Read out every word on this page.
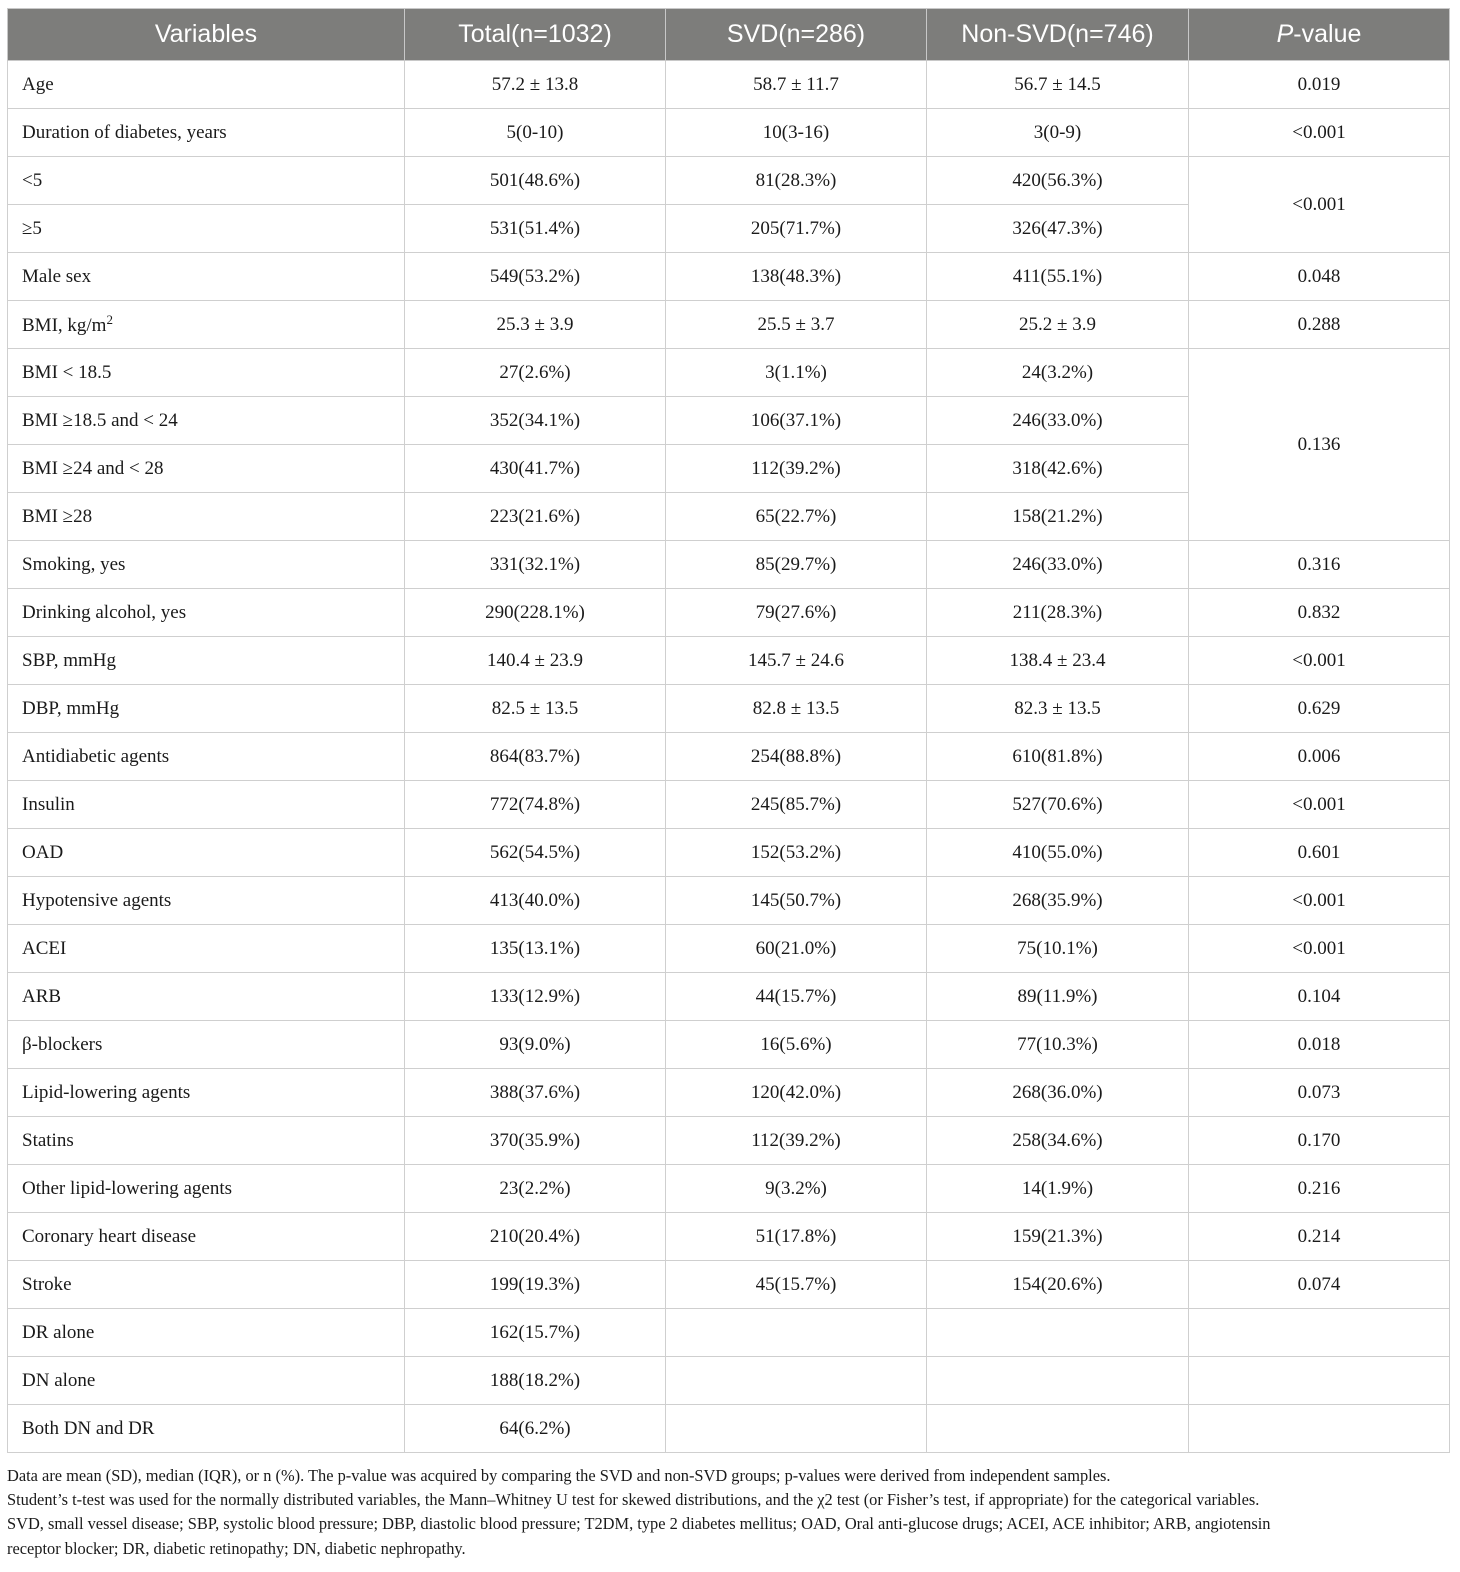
Variables	Total(n=1032)	SVD(n=286)	Non-SVD(n=746)	P-value
Age	57.2 ± 13.8	58.7 ± 11.7	56.7 ± 14.5	0.019
Duration of diabetes, years	5(0-10)	10(3-16)	3(0-9)	<0.001
<5	501(48.6%)	81(28.3%)	420(56.3%)	<0.001
≥5	531(51.4%)	205(71.7%)	326(47.3%)	
Male sex	549(53.2%)	138(48.3%)	411(55.1%)	0.048
BMI, $kg/m^2$	25.3 ± 3.9	25.5 ± 3.7	25.2 ± 3.9	0.288
BMI < 18.5	27(2.6%)	3(1.1%)	24(3.2%)	0.136
BMI ≥18.5 and < 24	352(34.1%)	106(37.1%)	246(33.0%)	
BMI ≥24 and < 28	430(41.7%)	112(39.2%)	318(42.6%)	
BMI ≥28	223(21.6%)	65(22.7%)	158(21.2%)	
Smoking, yes	331(32.1%)	85(29.7%)	246(33.0%)	0.316
Drinking alcohol, yes	290(228.1%)	79(27.6%)	211(28.3%)	0.832
SBP, mmHg	140.4 ± 23.9	145.7 ± 24.6	138.4 ± 23.4	<0.001
DBP, mmHg	82.5 ± 13.5	82.8 ± 13.5	82.3 ± 13.5	0.629
Antidiabetic agents	864(83.7%)	254(88.8%)	610(81.8%)	0.006
Insulin	772(74.8%)	245(85.7%)	527(70.6%)	<0.001
OAD	562(54.5%)	152(53.2%)	410(55.0%)	0.601
Hypotensive agents	413(40.0%)	145(50.7%)	268(35.9%)	<0.001
ACEI	135(13.1%)	60(21.0%)	75(10.1%)	<0.001
ARB	133(12.9%)	44(15.7%)	89(11.9%)	0.104
β-blockers	93(9.0%)	16(5.6%)	77(10.3%)	0.018
Lipid-lowering agents	388(37.6%)	120(42.0%)	268(36.0%)	0.073
Statins	370(35.9%)	112(39.2%)	258(34.6%)	0.170
Other lipid-lowering agents	23(2.2%)	9(3.2%)	14(1.9%)	0.216
Coronary heart disease	210(20.4%)	51(17.8%)	159(21.3%)	0.214
Stroke	199(19.3%)	45(15.7%)	154(20.6%)	0.074
DR alone	162(15.7%)			
DN alone	188(18.2%)			
Both DN and DR	64(6.2%)			

Data are mean (SD), median (IQR), or n (%). The p-value was acquired by comparing the SVD and non-SVD groups; p-values were derived from independent samples.

Student’s t-test was used for the normally distributed variables, the Mann–Whitney U test for skewed distributions, and the χ2 test (or Fisher’s test, if appropriate) for the categorical variables.

SVD, small vessel disease; SBP, systolic blood pressure; DBP, diastolic blood pressure; T2DM, type 2 diabetes mellitus; OAD, Oral anti-glucose drugs; ACEI, ACE inhibitor; ARB, angiotensin

receptor blocker; DR, diabetic retinopathy; DN, diabetic nephropathy.
